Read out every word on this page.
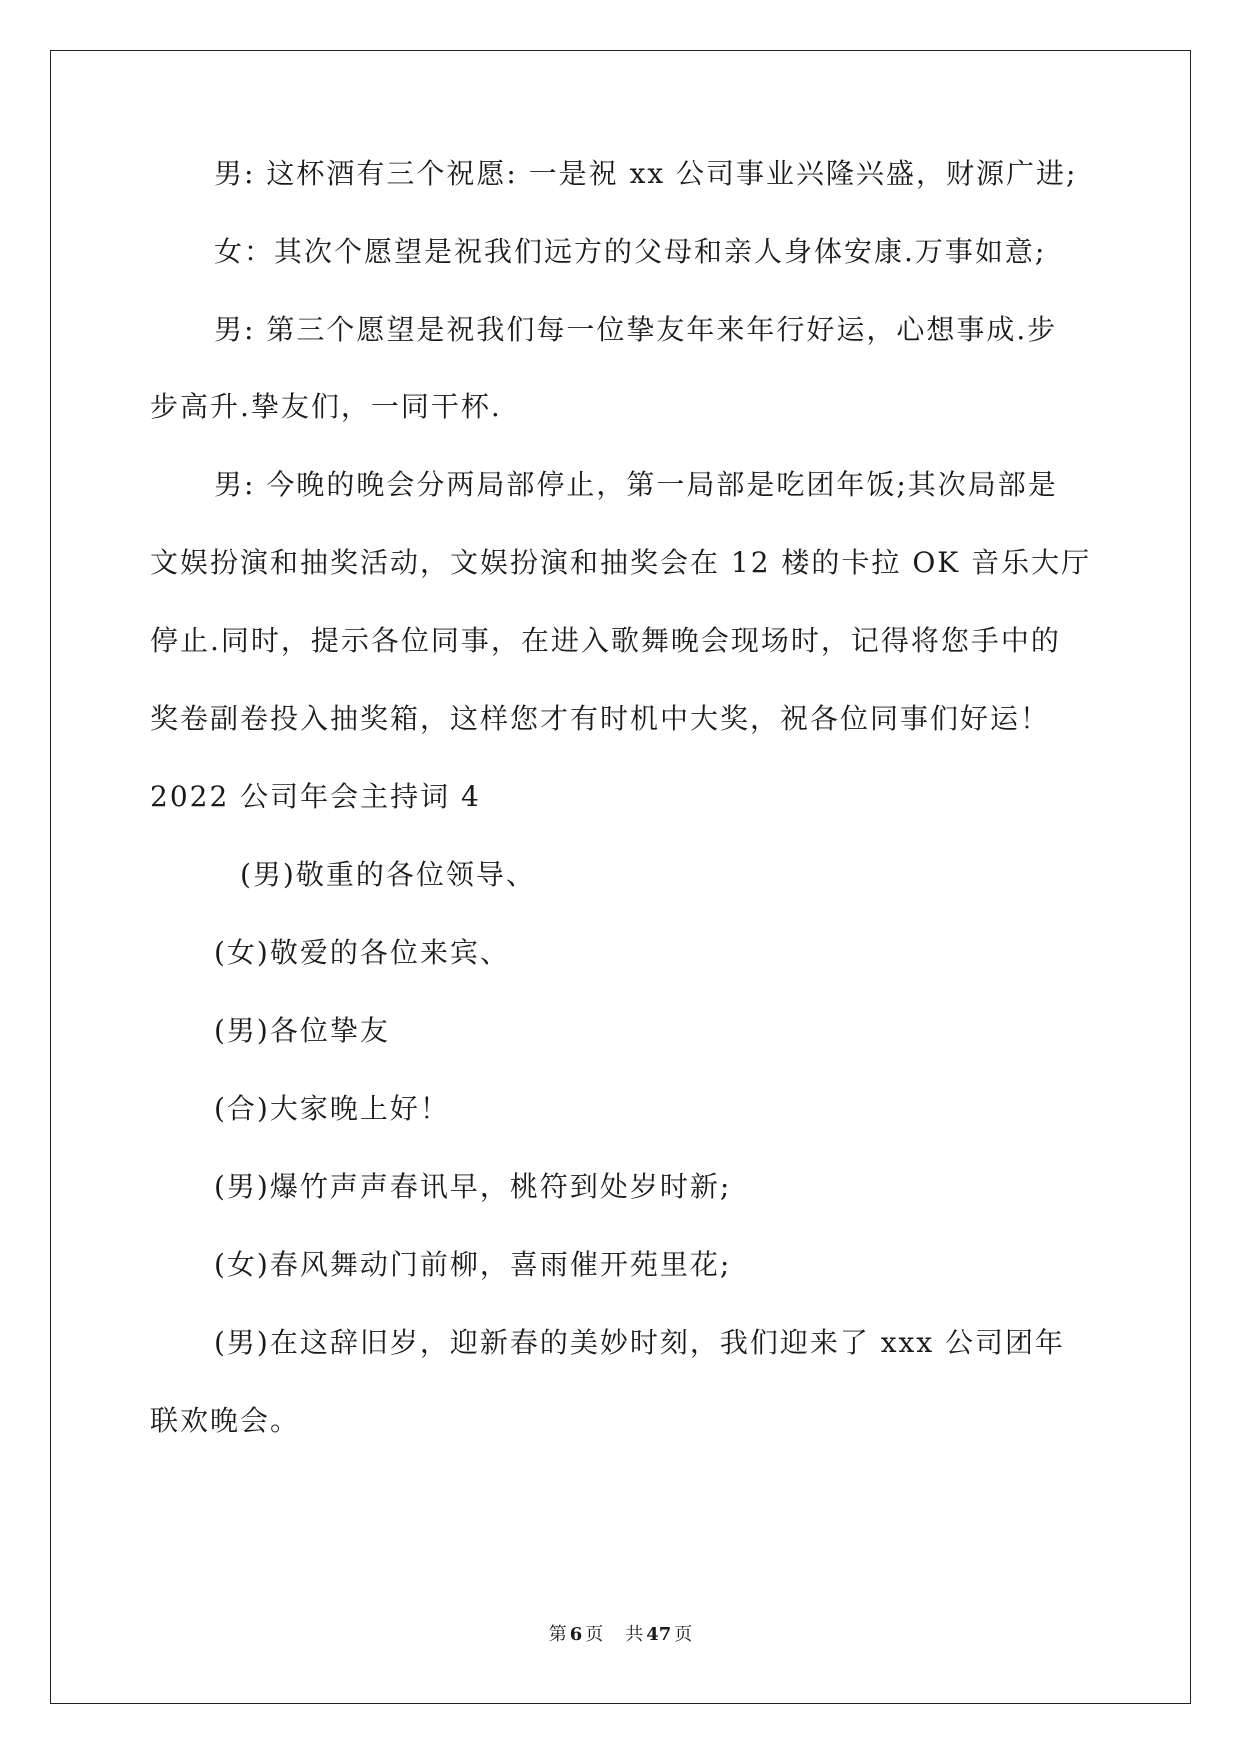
男: 这杯酒有三个祝愿: 一是祝 xx 公司事业兴隆兴盛，财源广进;
女：其次个愿望是祝我们远方的父母和亲人身体安康.万事如意;
男: 第三个愿望是祝我们每一位挚友年来年行好运，心想事成.步
步高升.挚友们，一同干杯.
男: 今晚的晚会分两局部停止，第一局部是吃团年饭;其次局部是
文娱扮演和抽奖活动，文娱扮演和抽奖会在 12 楼的卡拉 OK 音乐大厅
停止.同时，提示各位同事，在进入歌舞晚会现场时，记得将您手中的
奖卷副卷投入抽奖箱，这样您才有时机中大奖，祝各位同事们好运！
2022 公司年会主持词 4
(男)敬重的各位领导、
(女)敬爱的各位来宾、
(男)各位挚友
(合)大家晚上好！
(男)爆竹声声春讯早，桃符到处岁时新;
(女)春风舞动门前柳，喜雨催开苑里花;
(男)在这辞旧岁，迎新春的美妙时刻，我们迎来了 xxx 公司团年
联欢晚会。
第 6 页 共 47 页
